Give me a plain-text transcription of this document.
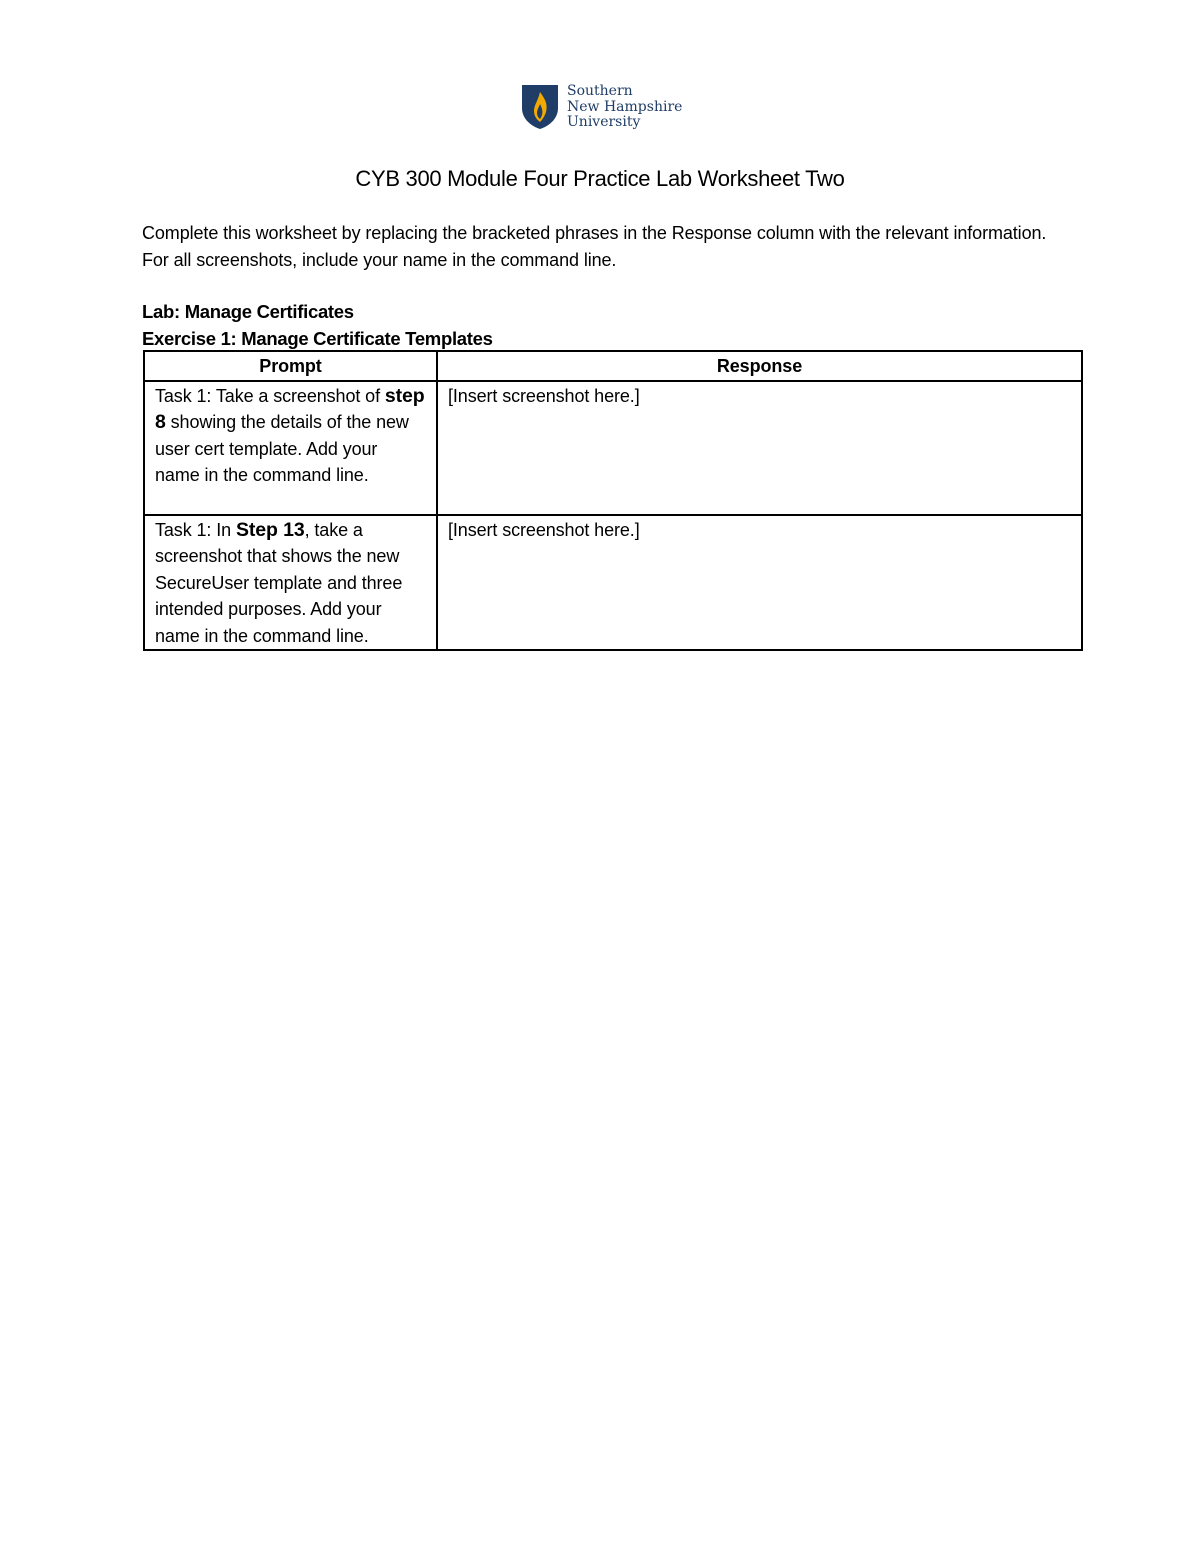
Southern
New Hampshire
University
CYB 300 Module Four Practice Lab Worksheet Two
Complete this worksheet by replacing the bracketed phrases in the Response column with the relevant information. For all screenshots, include your name in the command line.
Lab: Manage Certificates
Exercise 1: Manage Certificate Templates
Prompt	Response
Task 1: Take a screenshot of step 8 showing the details of the new user cert template. Add your name in the command line.	[Insert screenshot here.]
Task 1: In Step 13, take a screenshot that shows the new SecureUser template and three intended purposes. Add your name in the command line.	[Insert screenshot here.]
